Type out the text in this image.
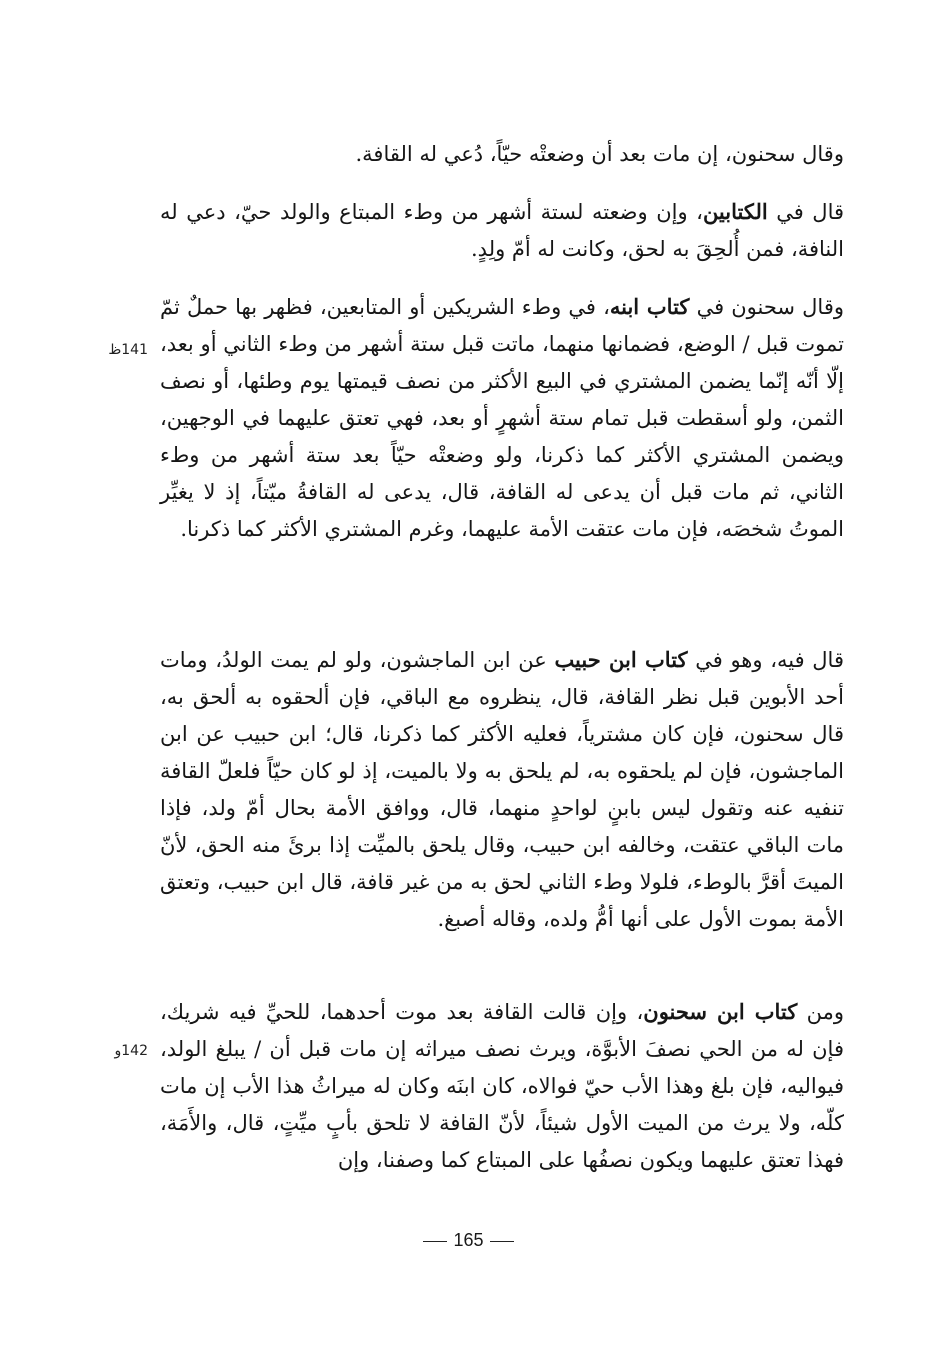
وقال سحنون، إن مات بعد أن وضعتْه حيّاً، دُعي له القافة.
قال في الكتابين، وإن وضعته لستة أشهر من وطء المبتاع والولد حيّ، دعي له النافة، فمن أُلحِقَ به لحق، وكانت له أمّ ولِدٍ.
وقال سحنون في كتاب ابنه، في وطء الشريكين أو المتابعين، فظهر بها حملٌ ثمّ تموت قبل / الوضع، فضمانها منهما، ماتت قبل ستة أشهر من وطء الثاني أو بعد، إلّا أنّه إنّما يضمن المشتري في البيع الأكثر من نصف قيمتها يوم وطئها، أو نصف الثمن، ولو أسقطت قبل تمام ستة أشهرٍ أو بعد، فهي تعتق عليهما في الوجهين، ويضمن المشتري الأكثر كما ذكرنا، ولو وضعتْه حيّاً بعد ستة أشهر من وطء الثاني، ثم مات قبل أن يدعى له القافة، قال، يدعى له القافةُ ميّتاً، إذ لا يغيِّر الموتُ شخصَه، فإن مات عتقت الأمة عليهما، وغرم المشتري الأكثر كما ذكرنا.
قال فيه، وهو في كتاب ابن حبيب عن ابن الماجشون، ولو لم يمت الولدُ، ومات أحد الأبوين قبل نظر القافة، قال، ينظروه مع الباقي، فإن ألحقوه به ألحق به، قال سحنون، فإن كان مشترياً، فعليه الأكثر كما ذكرنا، قال؛ ابن حبيب عن ابن الماجشون، فإن لم يلحقوه به، لم يلحق به ولا بالميت، إذ لو كان حيّاً فلعلّ القافة تنفيه عنه وتقول ليس بابنٍ لواحدٍ منهما، قال، ووافق الأمة بحال أمّ ولد، فإذا مات الباقي عتقت، وخالفه ابن حبيب، وقال يلحق بالميِّت إذا برئَ منه الحق، لأنّ الميتَ أقرَّ بالوطء، فلولا وطء الثاني لحق به من غير قافة، قال ابن حبيب، وتعتق الأمة بموت الأول على أنها أمُّ ولده، وقاله أصبغ.
ومن كتاب ابن سحنون، وإن قالت القافة بعد موت أحدهما، للحيِّ فيه شريك، فإن له من الحي نصفَ الأبوَّة، ويرث نصف ميراثه إن مات قبل أن / يبلغ الولد، فيواليه، فإن بلغ وهذا الأب حيّ فوالاه، كان ابنَه وكان له ميراثُ هذا الأب إن مات كلّه، ولا يرث من الميت الأول شيئاً، لأنّ القافة لا تلحق بأبٍ ميِّتٍ، قال، والأَمَة، فهذا تعتق عليهما ويكون نصفُها على المبتاع كما وصفنا، وإن
141ظ
142و
165
